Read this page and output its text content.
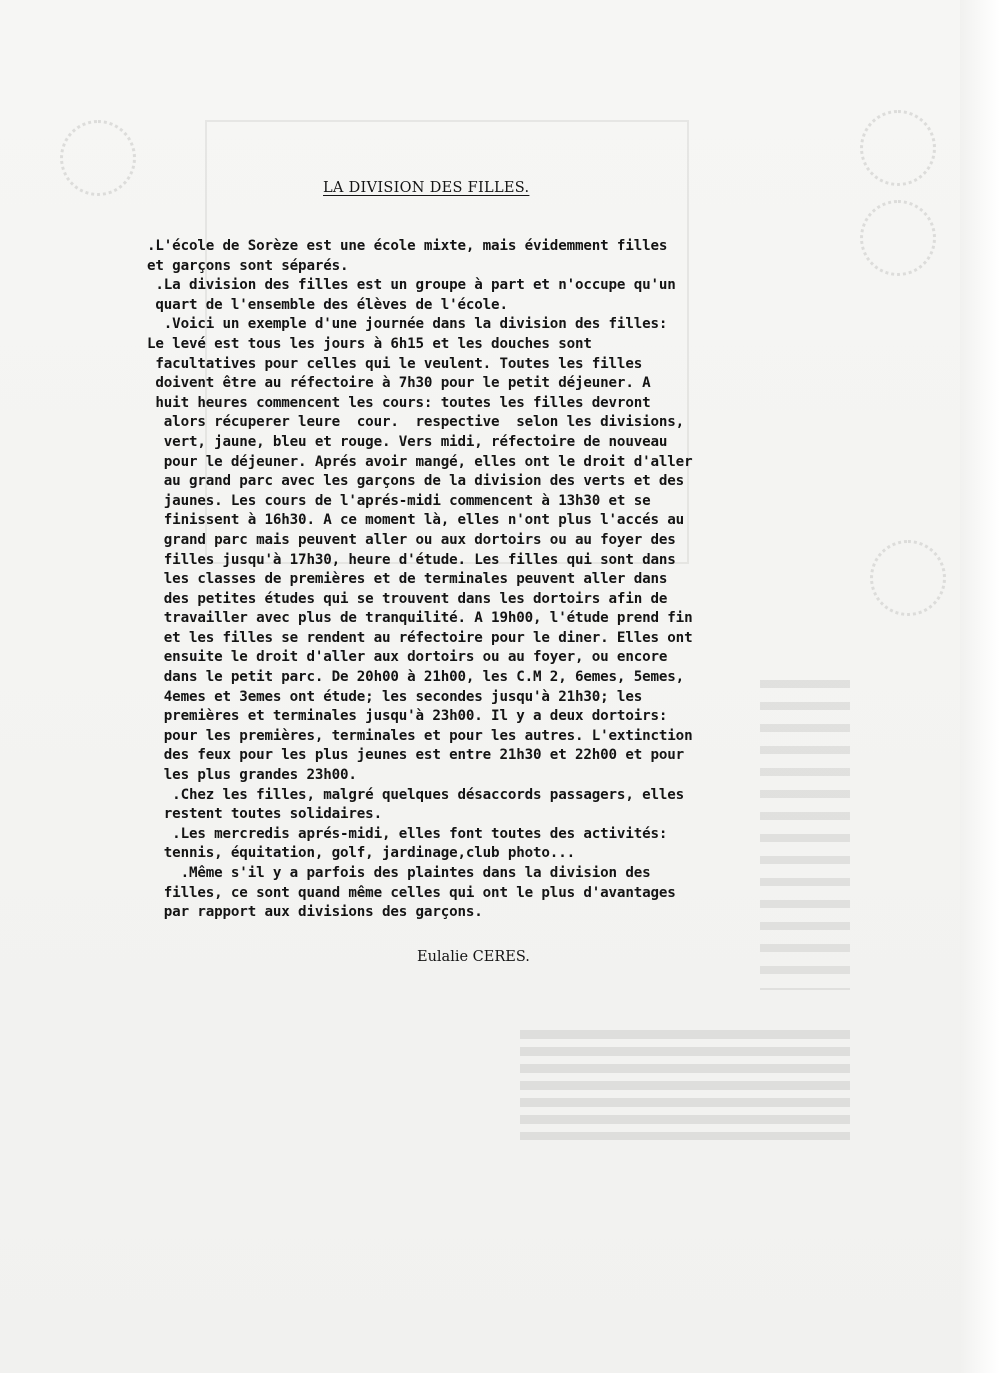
LA DIVISION DES FILLES.
.L'école de Sorèze est une école mixte, mais évidemment filles
et garçons sont séparés.
.La division des filles est un groupe à part et n'occupe qu'un
quart de l'ensemble des élèves de l'école.
.Voici un exemple d'une journée dans la division des filles:
Le levé est tous les jours à 6h15 et les douches sont
facultatives pour celles qui le veulent. Toutes les filles
doivent être au réfectoire à 7h30 pour le petit déjeuner. A
huit heures commencent les cours: toutes les filles devront
alors récuperer leure  cour.  respective  selon les divisions,
vert, jaune, bleu et rouge. Vers midi, réfectoire de nouveau
pour le déjeuner. Aprés avoir mangé, elles ont le droit d'aller
au grand parc avec les garçons de la division des verts et des
jaunes. Les cours de l'aprés-midi commencent à 13h30 et se
finissent à 16h30. A ce moment là, elles n'ont plus l'accés au
grand parc mais peuvent aller ou aux dortoirs ou au foyer des
filles jusqu'à 17h30, heure d'étude. Les filles qui sont dans
les classes de premières et de terminales peuvent aller dans
des petites études qui se trouvent dans les dortoirs afin de
travailler avec plus de tranquilité. A 19h00, l'étude prend fin
et les filles se rendent au réfectoire pour le diner. Elles ont
ensuite le droit d'aller aux dortoirs ou au foyer, ou encore
dans le petit parc. De 20h00 à 21h00, les C.M 2, 6emes, 5emes,
4emes et 3emes ont étude; les secondes jusqu'à 21h30; les
premières et terminales jusqu'à 23h00. Il y a deux dortoirs:
pour les premières, terminales et pour les autres. L'extinction
des feux pour les plus jeunes est entre 21h30 et 22h00 et pour
les plus grandes 23h00.
.Chez les filles, malgré quelques désaccords passagers, elles
restent toutes solidaires.
.Les mercredis aprés-midi, elles font toutes des activités:
tennis, équitation, golf, jardinage,club photo...
.Même s'il y a parfois des plaintes dans la division des
filles, ce sont quand même celles qui ont le plus d'avantages
par rapport aux divisions des garçons.
Eulalie CERES.
